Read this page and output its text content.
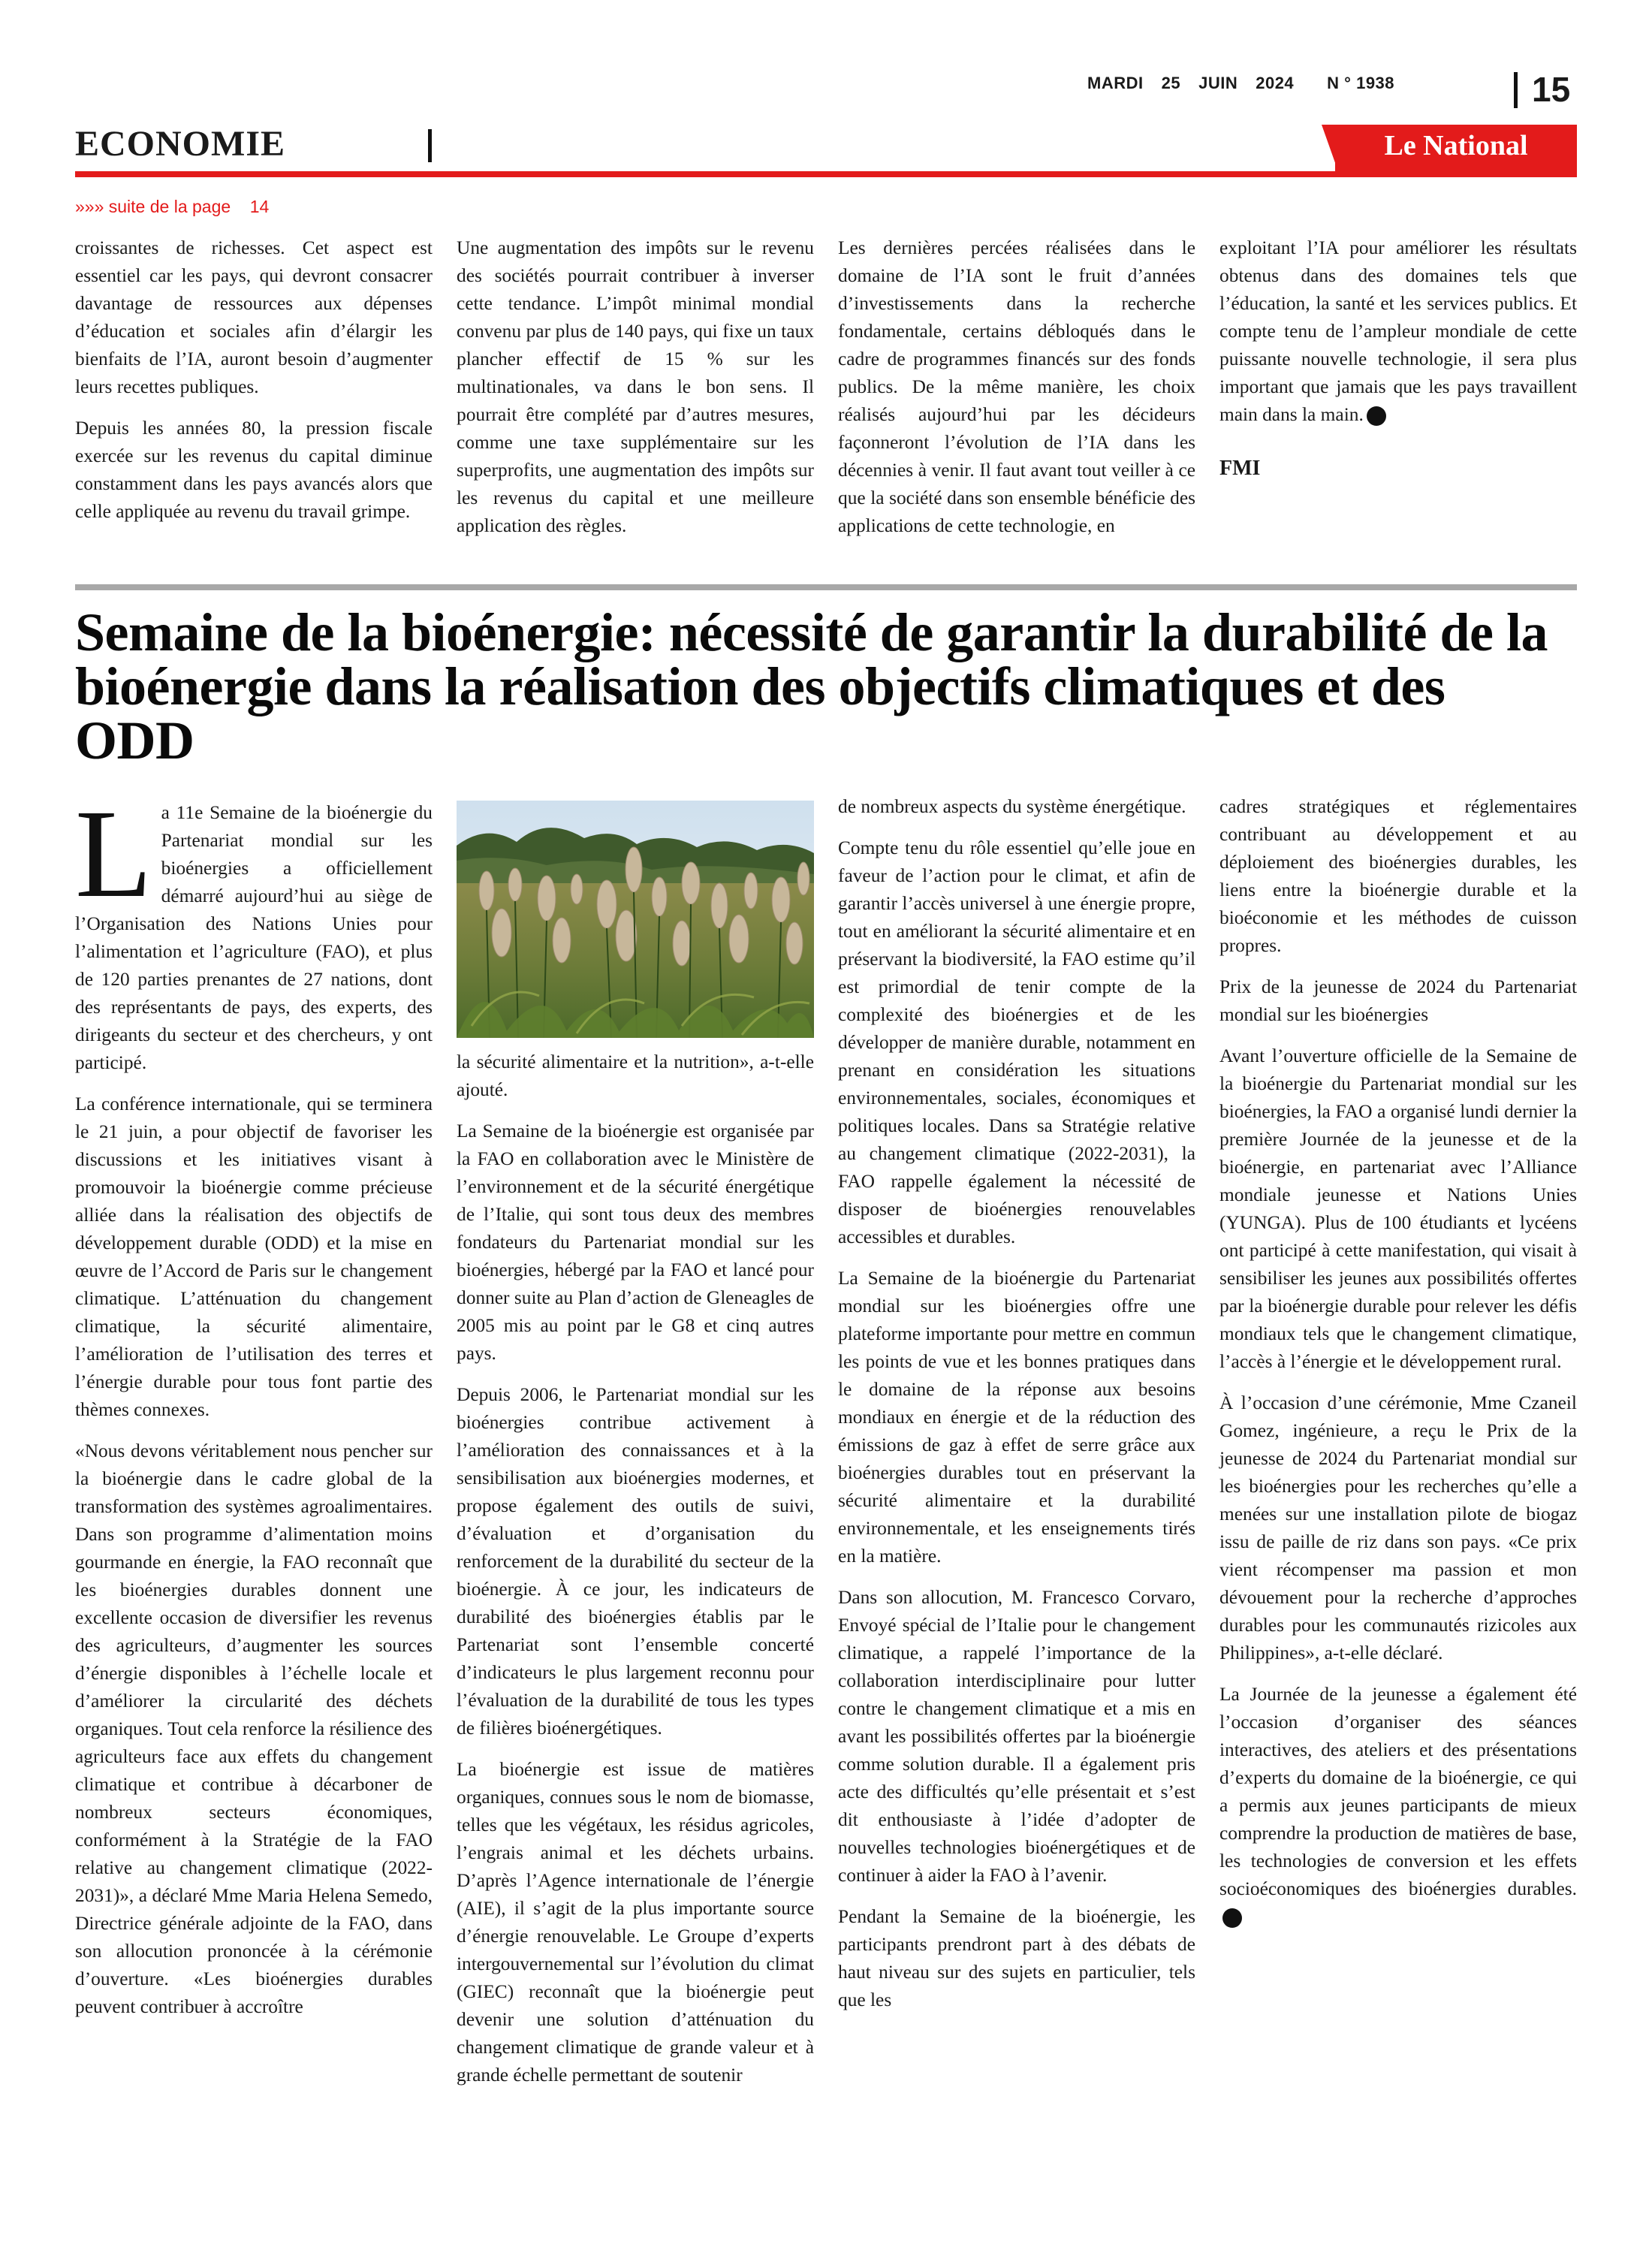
MARDI 25 JUIN 2024 N ° 1938	15
ECONOMIE	Le National
»»» suite de la page    14

croissantes de richesses. Cet aspect est essentiel car les pays, qui devront consacrer davantage de ressources aux dépenses d’éducation et sociales afin d’élargir les bienfaits de l’IA, auront besoin d’augmenter leurs recettes publiques.

Depuis les années 80, la pression fiscale exercée sur les revenus du capital diminue constamment dans les pays avancés alors que celle appliquée au revenu du travail grimpe.

Une augmentation des impôts sur le revenu des sociétés pourrait contribuer à inverser cette tendance. L’impôt minimal mondial convenu par plus de 140 pays, qui fixe un taux plancher effectif de 15 % sur les multinationales, va dans le bon sens. Il pourrait être complété par d’autres mesures, comme une taxe supplémentaire sur les superprofits, une augmentation des impôts sur les revenus du capital et une meilleure application des règles.

Les dernières percées réalisées dans le domaine de l’IA sont le fruit d’années d’investissements dans la recherche fondamentale, certains débloqués dans le cadre de programmes financés sur des fonds publics. De la même manière, les choix réalisés aujourd’hui par les décideurs façonneront l’évolution de l’IA dans les décennies à venir. Il faut avant tout veiller à ce que la société dans son ensemble bénéficie des applications de cette technologie, en

exploitant l’IA pour améliorer les résultats obtenus dans des domaines tels que l’éducation, la santé et les services publics. Et compte tenu de l’ampleur mondiale de cette puissante nouvelle technologie, il sera plus important que jamais que les pays travaillent main dans la main.

FMI
Semaine de la bioénergie: nécessité de garantir la durabilité de la bioénergie dans la réalisation des objectifs climatiques et des ODD

La 11e Semaine de la bioénergie du Partenariat mondial sur les bioénergies a officiellement démarré aujourd’hui au siège de l’Organisation des Nations Unies pour l’alimentation et l’agriculture (FAO), et plus de 120 parties prenantes de 27 nations, dont des représentants de pays, des experts, des dirigeants du secteur et des chercheurs, y ont participé.

La conférence internationale, qui se terminera le 21 juin, a pour objectif de favoriser les discussions et les initiatives visant à promouvoir la bioénergie comme précieuse alliée dans la réalisation des objectifs de développement durable (ODD) et la mise en œuvre de l’Accord de Paris sur le changement climatique. L’atténuation du changement climatique, la sécurité alimentaire, l’amélioration de l’utilisation des terres et l’énergie durable pour tous font partie des thèmes connexes.

«Nous devons véritablement nous pencher sur la bioénergie dans le cadre global de la transformation des systèmes agroalimentaires. Dans son programme d’alimentation moins gourmande en énergie, la FAO reconnaît que les bioénergies durables donnent une excellente occasion de diversifier les revenus des agriculteurs, d’augmenter les sources d’énergie disponibles à l’échelle locale et d’améliorer la circularité des déchets organiques. Tout cela renforce la résilience des agriculteurs face aux effets du changement climatique et contribue à décarboner de nombreux secteurs économiques, conformément à la Stratégie de la FAO relative au changement climatique (2022-2031)», a déclaré Mme Maria Helena Semedo, Directrice générale adjointe de la FAO, dans son allocution prononcée à la cérémonie d’ouverture. «Les bioénergies durables peuvent contribuer à accroître

la sécurité alimentaire et la nutrition», a-t-elle ajouté.

La Semaine de la bioénergie est organisée par la FAO en collaboration avec le Ministère de l’environnement et de la sécurité énergétique de l’Italie, qui sont tous deux des membres fondateurs du Partenariat mondial sur les bioénergies, hébergé par la FAO et lancé pour donner suite au Plan d’action de Gleneagles de 2005 mis au point par le G8 et cinq autres pays.

Depuis 2006, le Partenariat mondial sur les bioénergies contribue activement à l’amélioration des connaissances et à la sensibilisation aux bioénergies modernes, et propose également des outils de suivi, d’évaluation et d’organisation du renforcement de la durabilité du secteur de la bioénergie. À ce jour, les indicateurs de durabilité des bioénergies établis par le Partenariat sont l’ensemble concerté d’indicateurs le plus largement reconnu pour l’évaluation de la durabilité de tous les types de filières bioénergétiques.

La bioénergie est issue de matières organiques, connues sous le nom de biomasse, telles que les végétaux, les résidus agricoles, l’engrais animal et les déchets urbains. D’après l’Agence internationale de l’énergie (AIE), il s’agit de la plus importante source d’énergie renouvelable. Le Groupe d’experts intergouvernemental sur l’évolution du climat (GIEC) reconnaît que la bioénergie peut devenir une solution d’atténuation du changement climatique de grande valeur et à grande échelle permettant de soutenir

de nombreux aspects du système énergétique.

Compte tenu du rôle essentiel qu’elle joue en faveur de l’action pour le climat, et afin de garantir l’accès universel à une énergie propre, tout en améliorant la sécurité alimentaire et en préservant la biodiversité, la FAO estime qu’il est primordial de tenir compte de la complexité des bioénergies et de les développer de manière durable, notamment en prenant en considération les situations environnementales, sociales, économiques et politiques locales. Dans sa Stratégie relative au changement climatique (2022-2031), la FAO rappelle également la nécessité de disposer de bioénergies renouvelables accessibles et durables.

La Semaine de la bioénergie du Partenariat mondial sur les bioénergies offre une plateforme importante pour mettre en commun les points de vue et les bonnes pratiques dans le domaine de la réponse aux besoins mondiaux en énergie et de la réduction des émissions de gaz à effet de serre grâce aux bioénergies durables tout en préservant la sécurité alimentaire et la durabilité environnementale, et les enseignements tirés en la matière.

Dans son allocution, M. Francesco Corvaro, Envoyé spécial de l’Italie pour le changement climatique, a rappelé l’importance de la collaboration interdisciplinaire pour lutter contre le changement climatique et a mis en avant les possibilités offertes par la bioénergie comme solution durable. Il a également pris acte des difficultés qu’elle présentait et s’est dit enthousiaste à l’idée d’adopter de nouvelles technologies bioénergétiques et de continuer à aider la FAO à l’avenir.

Pendant la Semaine de la bioénergie, les participants prendront part à des débats de haut niveau sur des sujets en particulier, tels que les

cadres stratégiques et réglementaires contribuant au développement et au déploiement des bioénergies durables, les liens entre la bioénergie durable et la bioéconomie et les méthodes de cuisson propres.

Prix de la jeunesse de 2024 du Partenariat mondial sur les bioénergies

Avant l’ouverture officielle de la Semaine de la bioénergie du Partenariat mondial sur les bioénergies, la FAO a organisé lundi dernier la première Journée de la jeunesse et de la bioénergie, en partenariat avec l’Alliance mondiale jeunesse et Nations Unies (YUNGA). Plus de 100 étudiants et lycéens ont participé à cette manifestation, qui visait à sensibiliser les jeunes aux possibilités offertes par la bioénergie durable pour relever les défis mondiaux tels que le changement climatique, l’accès à l’énergie et le développement rural.

À l’occasion d’une cérémonie, Mme Czaneil Gomez, ingénieure, a reçu le Prix de la jeunesse de 2024 du Partenariat mondial sur les bioénergies pour les recherches qu’elle a menées sur une installation pilote de biogaz issu de paille de riz dans son pays. «Ce prix vient récompenser ma passion et mon dévouement pour la recherche d’approches durables pour les communautés rizicoles aux Philippines», a-t-elle déclaré.

La Journée de la jeunesse a également été l’occasion d’organiser des séances interactives, des ateliers et des présentations d’experts du domaine de la bioénergie, ce qui a permis aux jeunes participants de mieux comprendre la production de matières de base, les technologies de conversion et les effets socioéconomiques des bioénergies durables.
